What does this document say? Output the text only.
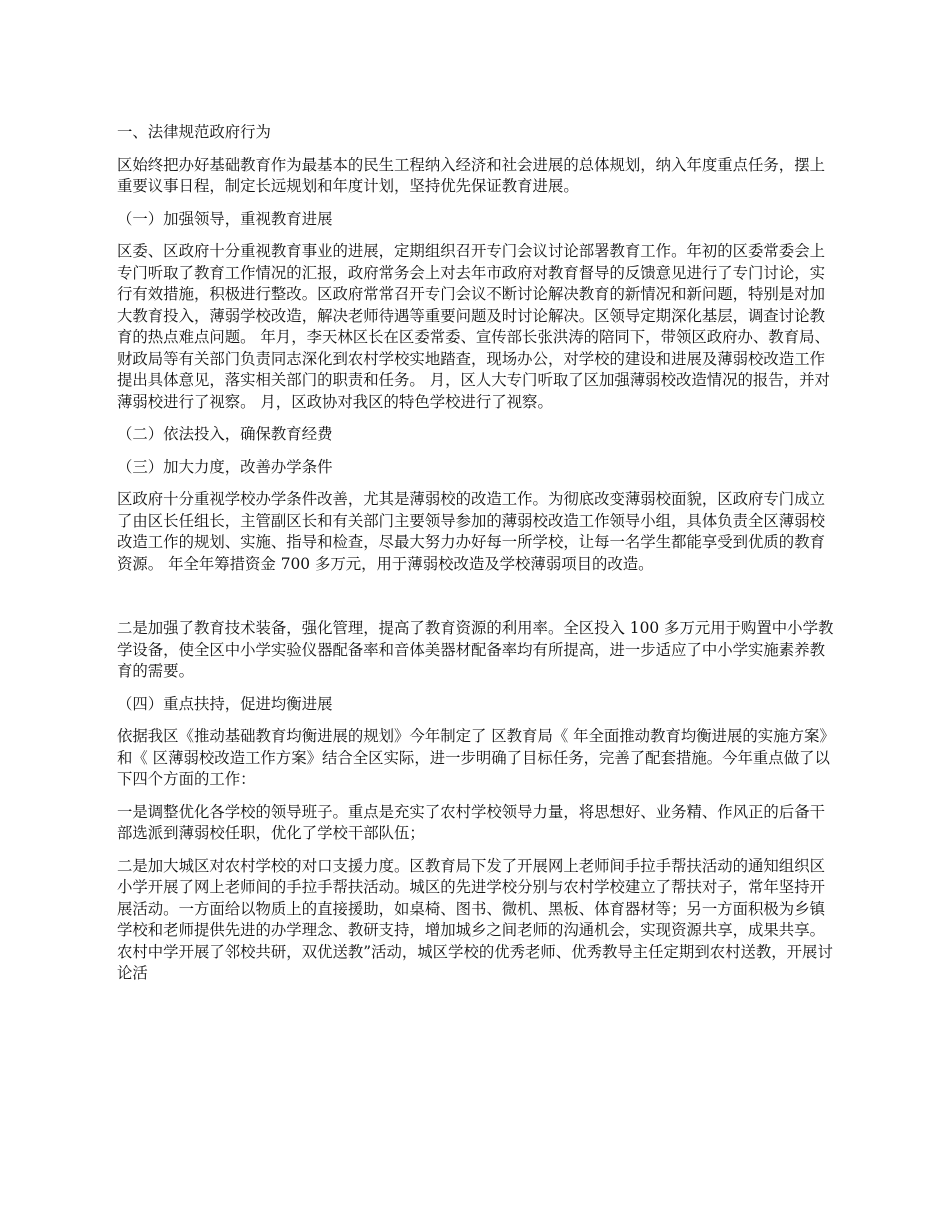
一、法律规范政府行为

区始终把办好基础教育作为最基本的民生工程纳入经济和社会进展的总体规划，纳入年度重点任务，摆上重要议事日程，制定长远规划和年度计划，坚持优先保证教育进展。

（一）加强领导，重视教育进展

区委、区政府十分重视教育事业的进展，定期组织召开专门会议讨论部署教育工作。年初的区委常委会上专门听取了教育工作情况的汇报，政府常务会上对去年市政府对教育督导的反馈意见进行了专门讨论，实行有效措施，积极进行整改。区政府常常召开专门会议不断讨论解决教育的新情况和新问题，特别是对加大教育投入，薄弱学校改造，解决老师待遇等重要问题及时讨论解决。区领导定期深化基层，调查讨论教育的热点难点问题。 年月，李天林区长在区委常委、宣传部长张洪涛的陪同下，带领区政府办、教育局、财政局等有关部门负责同志深化到农村学校实地踏查，现场办公，对学校的建设和进展及薄弱校改造工作提出具体意见，落实相关部门的职责和任务。 月，区人大专门听取了区加强薄弱校改造情况的报告，并对薄弱校进行了视察。 月，区政协对我区的特色学校进行了视察。

（二）依法投入，确保教育经费

（三）加大力度，改善办学条件

区政府十分重视学校办学条件改善，尤其是薄弱校的改造工作。为彻底改变薄弱校面貌，区政府专门成立了由区长任组长，主管副区长和有关部门主要领导参加的薄弱校改造工作领导小组，具体负责全区薄弱校改造工作的规划、实施、指导和检查，尽最大努力办好每一所学校，让每一名学生都能享受到优质的教育资源。 年全年筹措资金 700 多万元，用于薄弱校改造及学校薄弱项目的改造。

二是加强了教育技术装备，强化管理，提高了教育资源的利用率。全区投入 100 多万元用于购置中小学教学设备，使全区中小学实验仪器配备率和音体美器材配备率均有所提高，进一步适应了中小学实施素养教育的需要。

（四）重点扶持，促进均衡进展

依据我区《推动基础教育均衡进展的规划》今年制定了 区教育局《 年全面推动教育均衡进展的实施方案》和《 区薄弱校改造工作方案》结合全区实际，进一步明确了目标任务，完善了配套措施。今年重点做了以下四个方面的工作：

一是调整优化各学校的领导班子。重点是充实了农村学校领导力量，将思想好、业务精、作风正的后备干部选派到薄弱校任职，优化了学校干部队伍；

二是加大城区对农村学校的对口支援力度。区教育局下发了开展网上老师间手拉手帮扶活动的通知组织区小学开展了网上老师间的手拉手帮扶活动。城区的先进学校分别与农村学校建立了帮扶对子，常年坚持开展活动。一方面给以物质上的直接援助，如桌椅、图书、微机、黑板、体育器材等；另一方面积极为乡镇学校和老师提供先进的办学理念、教研支持，增加城乡之间老师的沟通机会，实现资源共享，成果共享。农村中学开展了邻校共研，双优送教”活动，城区学校的优秀老师、优秀教导主任定期到农村送教，开展讨论活
